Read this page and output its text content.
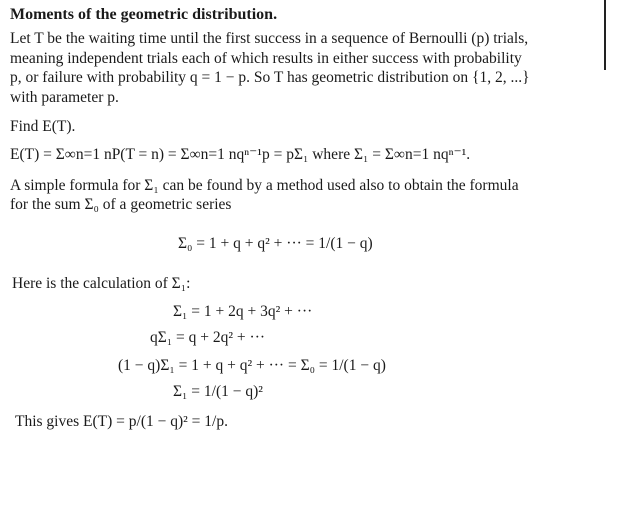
Moments of the geometric distribution.
Let T be the waiting time until the first success in a sequence of Bernoulli (p) trials,
meaning independent trials each of which results in either success with probability
p, or failure with probability q = 1 − p. So T has geometric distribution on {1, 2, ...}
with parameter p.
Find E(T).
E(T) = Σ∞n=1 nP(T = n) = Σ∞n=1 nqⁿ⁻¹p = pΣ₁ where Σ₁ = Σ∞n=1 nqⁿ⁻¹.
A simple formula for Σ₁ can be found by a method used also to obtain the formula
for the sum Σ₀ of a geometric series
Σ₀ = 1 + q + q² + ··· = 1/(1 − q)
Here is the calculation of Σ₁:
Σ₁ = 1 + 2q + 3q² + ···
qΣ₁ = q + 2q² + ···
(1 − q)Σ₁ = 1 + q + q² + ··· = Σ₀ = 1/(1 − q)
Σ₁ = 1/(1 − q)²
This gives E(T) = p/(1 − q)² = 1/p.
